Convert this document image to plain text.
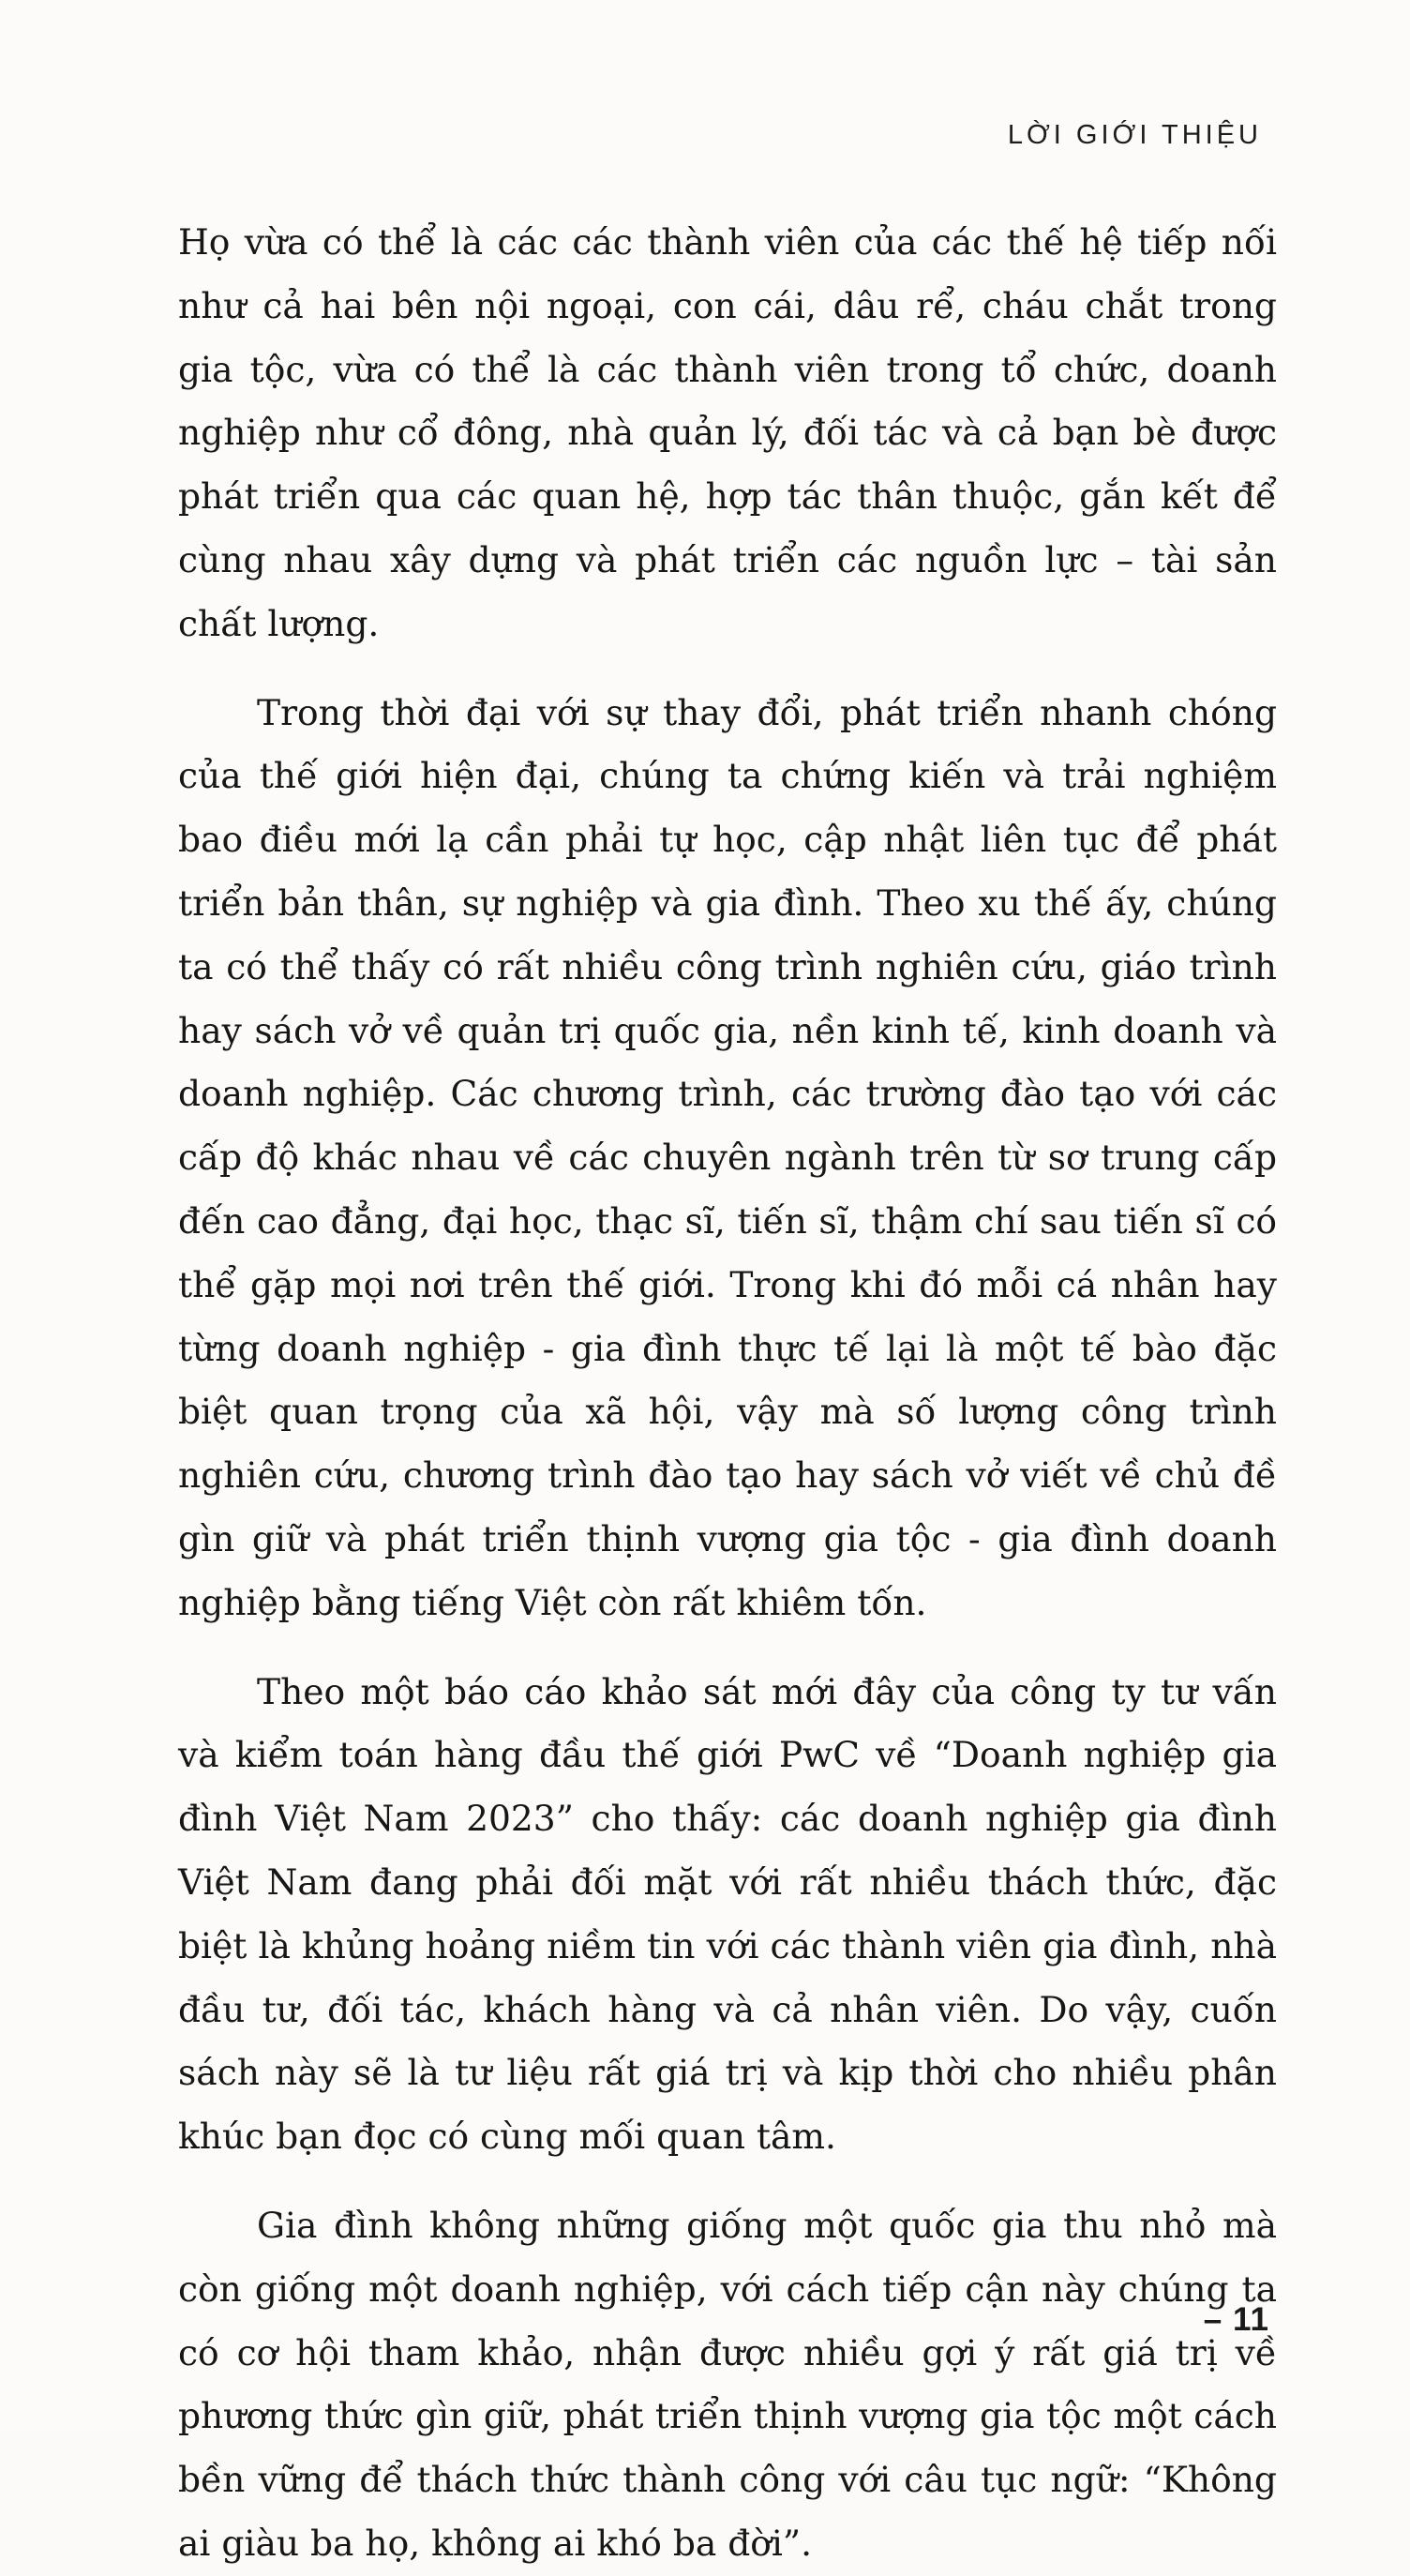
LỜI GIỚI THIỆU

Họ vừa có thể là các các thành viên của các thế hệ tiếp nối như cả hai bên nội ngoại, con cái, dâu rể, cháu chắt trong gia tộc, vừa có thể là các thành viên trong tổ chức, doanh nghiệp như cổ đông, nhà quản lý, đối tác và cả bạn bè được phát triển qua các quan hệ, hợp tác thân thuộc, gắn kết để cùng nhau xây dựng và phát triển các nguồn lực – tài sản chất lượng.

Trong thời đại với sự thay đổi, phát triển nhanh chóng của thế giới hiện đại, chúng ta chứng kiến và trải nghiệm bao điều mới lạ cần phải tự học, cập nhật liên tục để phát triển bản thân, sự nghiệp và gia đình. Theo xu thế ấy, chúng ta có thể thấy có rất nhiều công trình nghiên cứu, giáo trình hay sách vở về quản trị quốc gia, nền kinh tế, kinh doanh và doanh nghiệp. Các chương trình, các trường đào tạo với các cấp độ khác nhau về các chuyên ngành trên từ sơ trung cấp đến cao đẳng, đại học, thạc sĩ, tiến sĩ, thậm chí sau tiến sĩ có thể gặp mọi nơi trên thế giới. Trong khi đó mỗi cá nhân hay từng doanh nghiệp - gia đình thực tế lại là một tế bào đặc biệt quan trọng của xã hội, vậy mà số lượng công trình nghiên cứu, chương trình đào tạo hay sách vở viết về chủ đề gìn giữ và phát triển thịnh vượng gia tộc - gia đình doanh nghiệp bằng tiếng Việt còn rất khiêm tốn.

Theo một báo cáo khảo sát mới đây của công ty tư vấn và kiểm toán hàng đầu thế giới PwC về “Doanh nghiệp gia đình Việt Nam 2023” cho thấy: các doanh nghiệp gia đình Việt Nam đang phải đối mặt với rất nhiều thách thức, đặc biệt là khủng hoảng niềm tin với các thành viên gia đình, nhà đầu tư, đối tác, khách hàng và cả nhân viên. Do vậy, cuốn sách này sẽ là tư liệu rất giá trị và kịp thời cho nhiều phân khúc bạn đọc có cùng mối quan tâm.

Gia đình không những giống một quốc gia thu nhỏ mà còn giống một doanh nghiệp, với cách tiếp cận này chúng ta có cơ hội tham khảo, nhận được nhiều gợi ý rất giá trị về phương thức gìn giữ, phát triển thịnh vượng gia tộc một cách bền vững để thách thức thành công với câu tục ngữ: “Không ai giàu ba họ, không ai khó ba đời”.

– 11
